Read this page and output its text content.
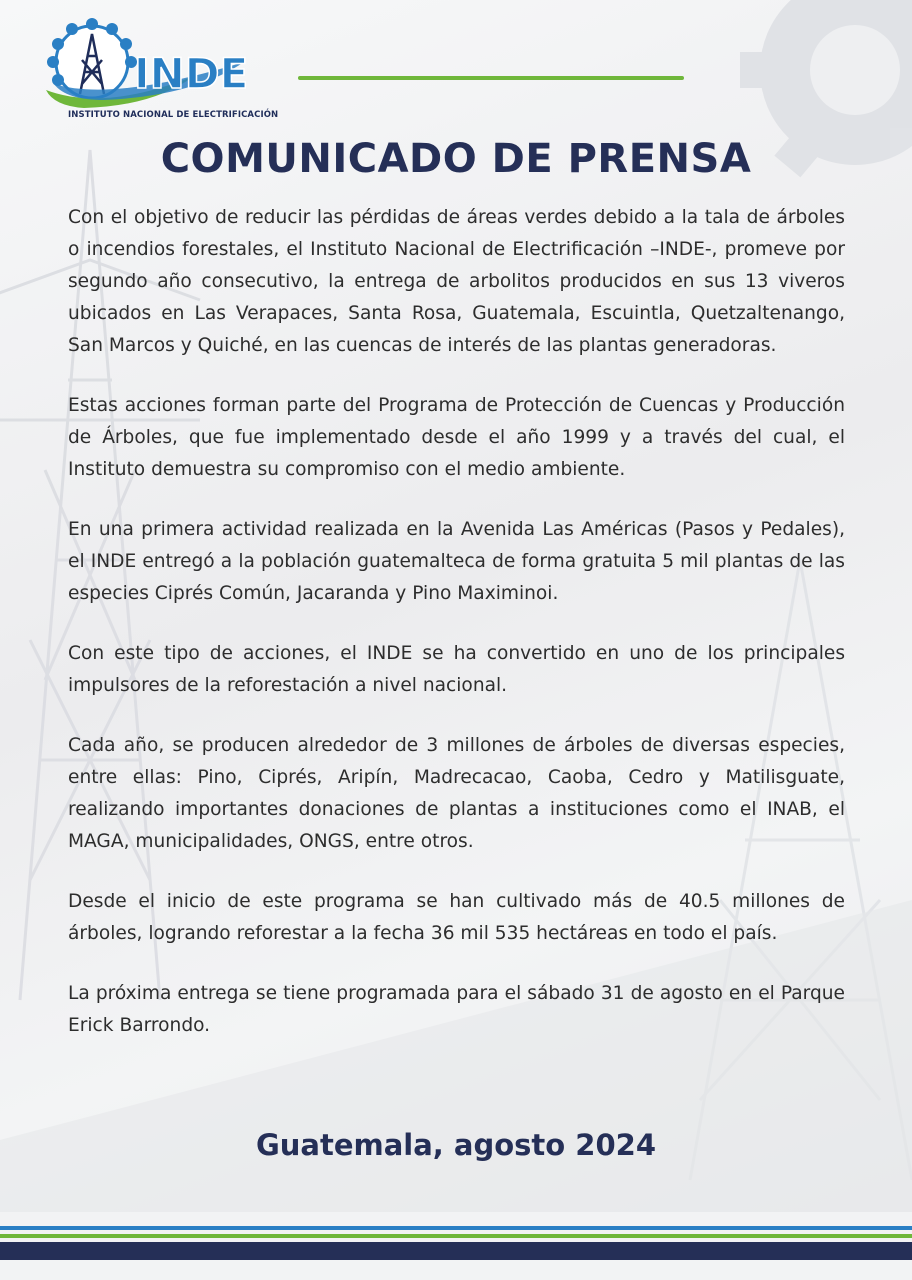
INDE
INSTITUTO NACIONAL DE ELECTRIFICACIÓN
COMUNICADO DE PRENSA

Con el objetivo de reducir las pérdidas de áreas verdes debido a la tala de árboles o incendios forestales, el Instituto Nacional de Electrificación –INDE-, promeve por segundo año consecutivo, la entrega de arbolitos producidos en sus 13 viveros ubicados en Las Verapaces, Santa Rosa, Guatemala, Escuintla, Quetzaltenango, San Marcos y Quiché, en las cuencas de interés de las plantas generadoras.

Estas acciones forman parte del Programa de Protección de Cuencas y Producción de Árboles, que fue implementado desde el año 1999 y a través del cual, el Instituto demuestra su compromiso con el medio ambiente.

En una primera actividad realizada en la Avenida Las Américas (Pasos y Pedales), el INDE entregó a la población guatemalteca de forma gratuita 5 mil plantas de las especies Ciprés Común, Jacaranda y Pino Maximinoi.

Con este tipo de acciones, el INDE se ha convertido en uno de los principales impulsores de la reforestación a nivel nacional.

Cada año, se producen alrededor de 3 millones de árboles de diversas especies, entre ellas: Pino, Ciprés, Aripín, Madrecacao, Caoba, Cedro y Matilisguate, realizando importantes donaciones de plantas a instituciones como el INAB, el MAGA, municipalidades, ONGS, entre otros.

Desde el inicio de este programa se han cultivado más de 40.5 millones de árboles, logrando reforestar a la fecha 36 mil 535 hectáreas en todo el país.

La próxima entrega se tiene programada para el sábado 31 de agosto en el Parque Erick Barrondo.

Guatemala, agosto 2024
